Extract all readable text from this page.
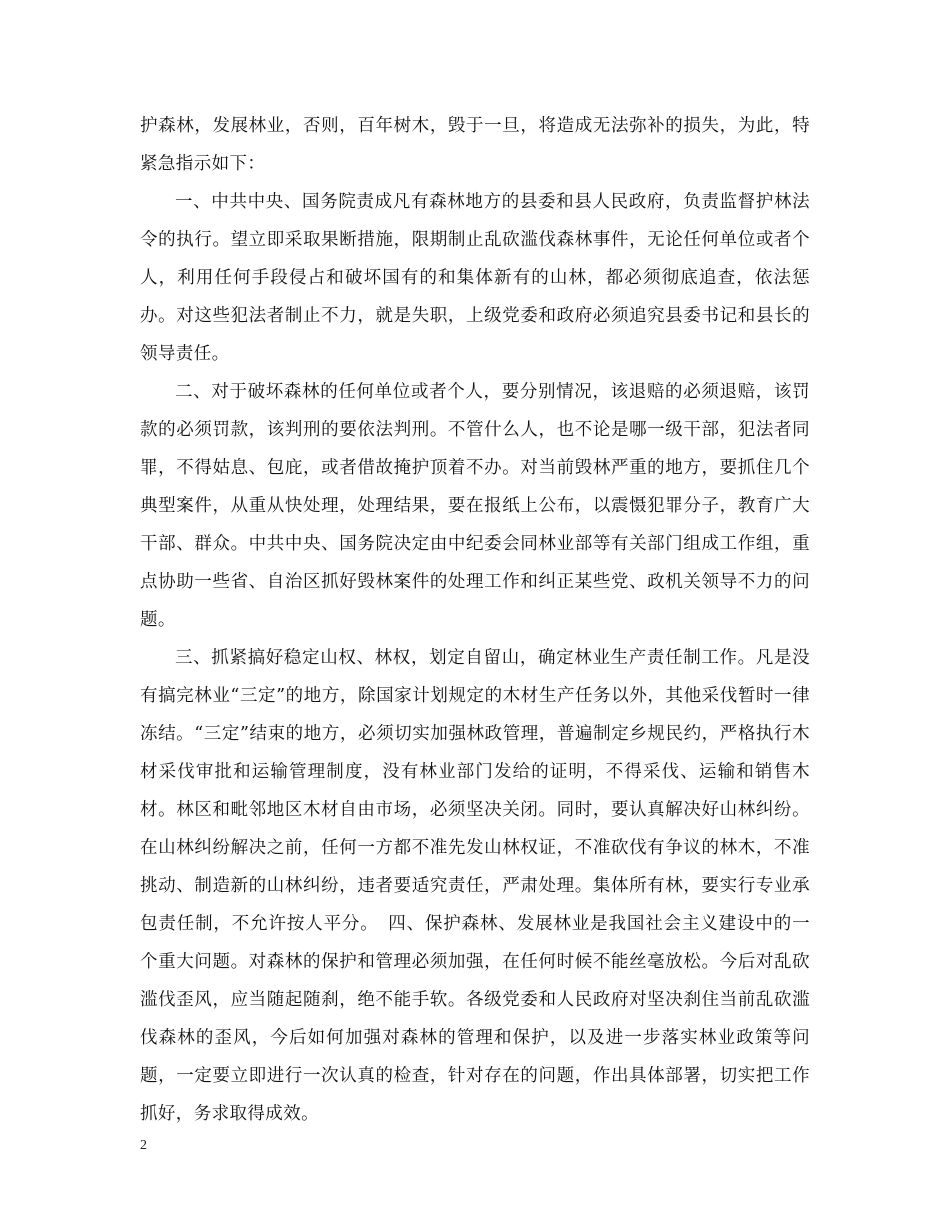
护森林，发展林业，否则，百年树木，毁于一旦，将造成无法弥补的损失，为此，特紧急指示如下：

一、中共中央、国务院责成凡有森林地方的县委和县人民政府，负责监督护林法令的执行。望立即采取果断措施，限期制止乱砍滥伐森林事件，无论任何单位或者个人，利用任何手段侵占和破坏国有的和集体新有的山林，都必须彻底追查，依法惩办。对这些犯法者制止不力，就是失职，上级党委和政府必须追究县委书记和县长的领导责任。

二、对于破坏森林的任何单位或者个人，要分别情况，该退赔的必须退赔，该罚款的必须罚款，该判刑的要依法判刑。不管什么人，也不论是哪一级干部，犯法者同罪，不得姑息、包庇，或者借故掩护顶着不办。对当前毁林严重的地方，要抓住几个典型案件，从重从快处理，处理结果，要在报纸上公布，以震慑犯罪分子，教育广大干部、群众。中共中央、国务院决定由中纪委会同林业部等有关部门组成工作组，重点协助一些省、自治区抓好毁林案件的处理工作和纠正某些党、政机关领导不力的问题。

三、抓紧搞好稳定山权、林权，划定自留山，确定林业生产责任制工作。凡是没有搞完林业“三定”的地方，除国家计划规定的木材生产任务以外，其他采伐暂时一律冻结。“三定”结束的地方，必须切实加强林政管理，普遍制定乡规民约，严格执行木材采伐审批和运输管理制度，没有林业部门发给的证明，不得采伐、运输和销售木材。林区和毗邻地区木材自由市场，必须坚决关闭。同时，要认真解决好山林纠纷。在山林纠纷解决之前，任何一方都不准先发山林权证，不准砍伐有争议的林木，不准挑动、制造新的山林纠纷，违者要适究责任，严肃处理。集体所有林，要实行专业承包责任制，不允许按人平分。　四、保护森林、发展林业是我国社会主义建设中的一个重大问题。对森林的保护和管理必须加强，在任何时候不能丝毫放松。今后对乱砍滥伐歪风，应当随起随刹，绝不能手软。各级党委和人民政府对坚决刹住当前乱砍滥伐森林的歪风，今后如何加强对森林的管理和保护，以及进一步落实林业政策等问题，一定要立即进行一次认真的检查，针对存在的问题，作出具体部署，切实把工作抓好，务求取得成效。

2
